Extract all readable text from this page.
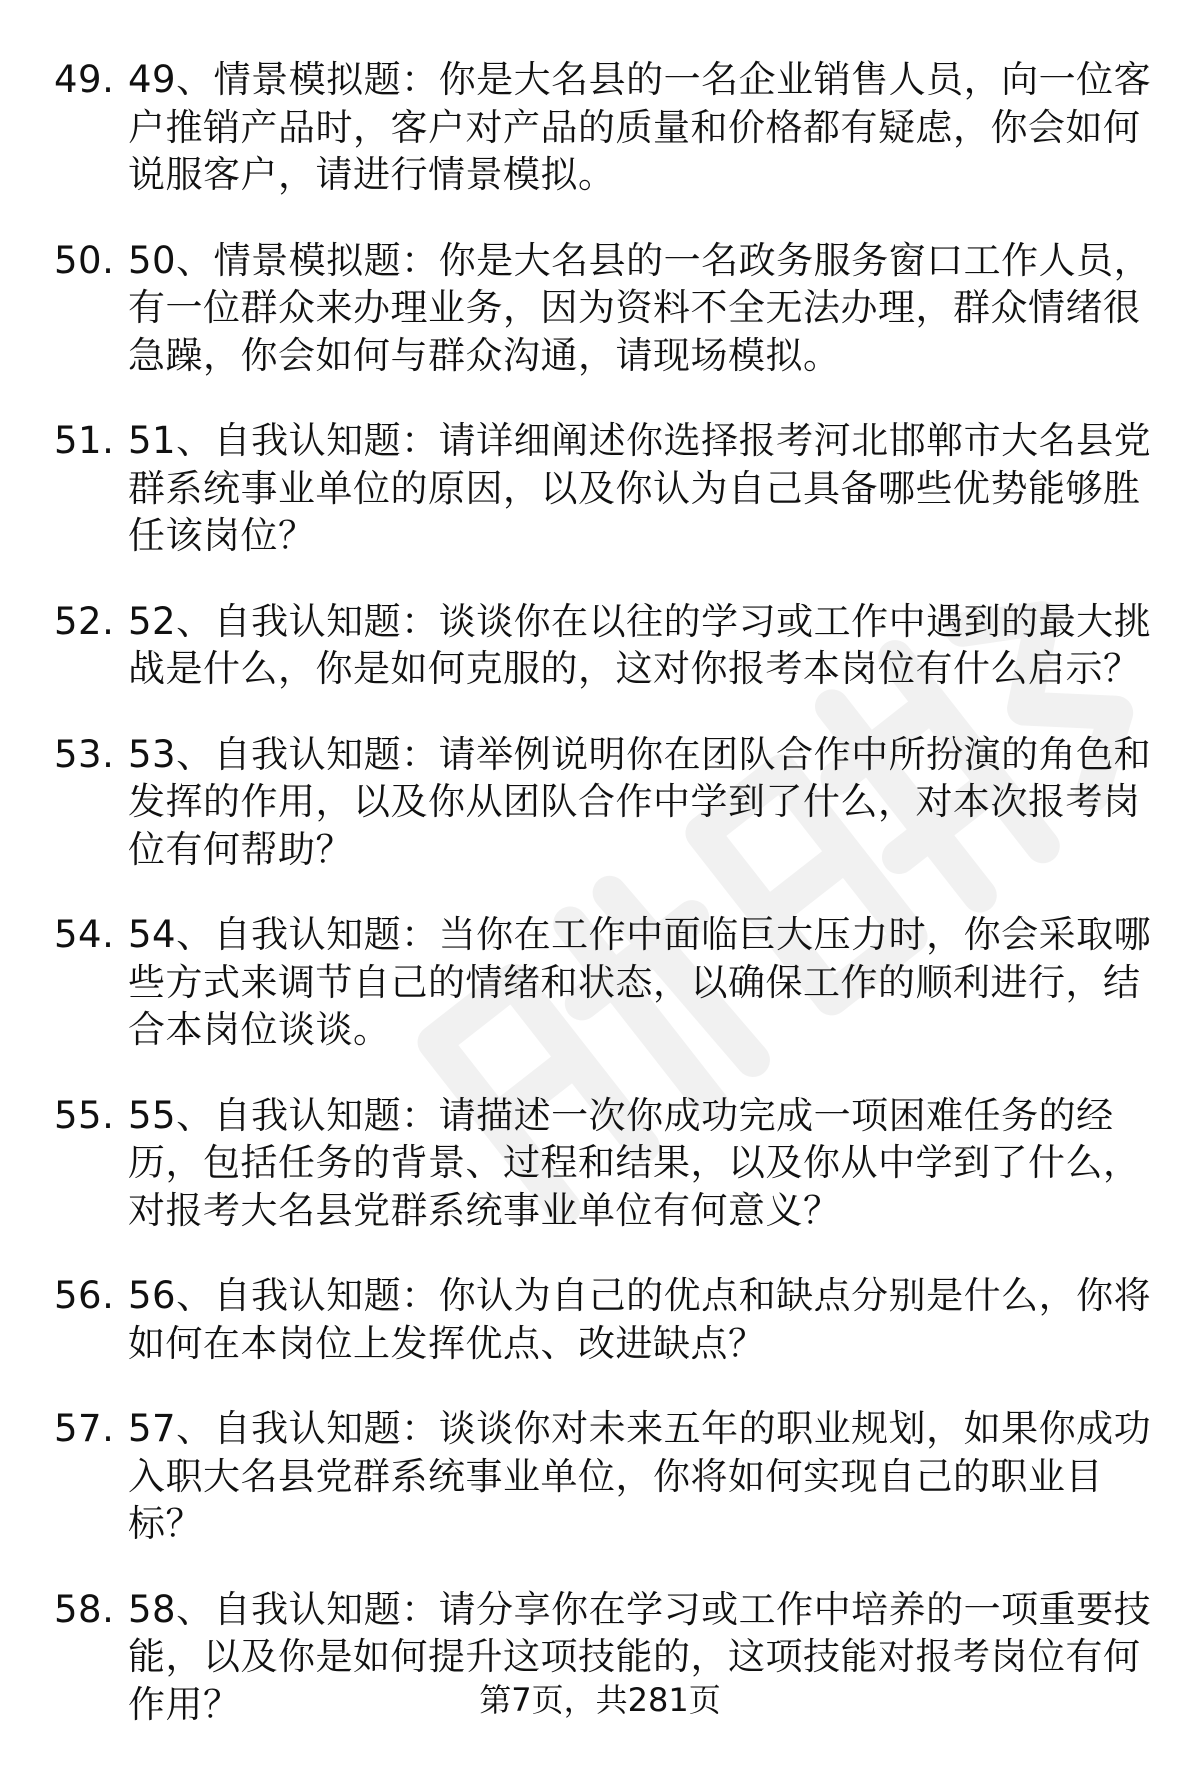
49. 49、情景模拟题：你是大名县的一名企业销售人员，向一位客户推销产品时，客户对产品的质量和价格都有疑虑，你会如何说服客户，请进行情景模拟。
50. 50、情景模拟题：你是大名县的一名政务服务窗口工作人员，有一位群众来办理业务，因为资料不全无法办理，群众情绪很急躁，你会如何与群众沟通，请现场模拟。
51. 51、自我认知题：请详细阐述你选择报考河北邯郸市大名县党群系统事业单位的原因，以及你认为自己具备哪些优势能够胜任该岗位？
52. 52、自我认知题：谈谈你在以往的学习或工作中遇到的最大挑战是什么，你是如何克服的，这对你报考本岗位有什么启示？
53. 53、自我认知题：请举例说明你在团队合作中所扮演的角色和发挥的作用，以及你从团队合作中学到了什么，对本次报考岗位有何帮助？
54. 54、自我认知题：当你在工作中面临巨大压力时，你会采取哪些方式来调节自己的情绪和状态，以确保工作的顺利进行，结合本岗位谈谈。
55. 55、自我认知题：请描述一次你成功完成一项困难任务的经历，包括任务的背景、过程和结果，以及你从中学到了什么，对报考大名县党群系统事业单位有何意义？
56. 56、自我认知题：你认为自己的优点和缺点分别是什么，你将如何在本岗位上发挥优点、改进缺点？
57. 57、自我认知题：谈谈你对未来五年的职业规划，如果你成功入职大名县党群系统事业单位，你将如何实现自己的职业目标？
58. 58、自我认知题：请分享你在学习或工作中培养的一项重要技能，以及你是如何提升这项技能的，这项技能对报考岗位有何作用？	第7页，共281页
